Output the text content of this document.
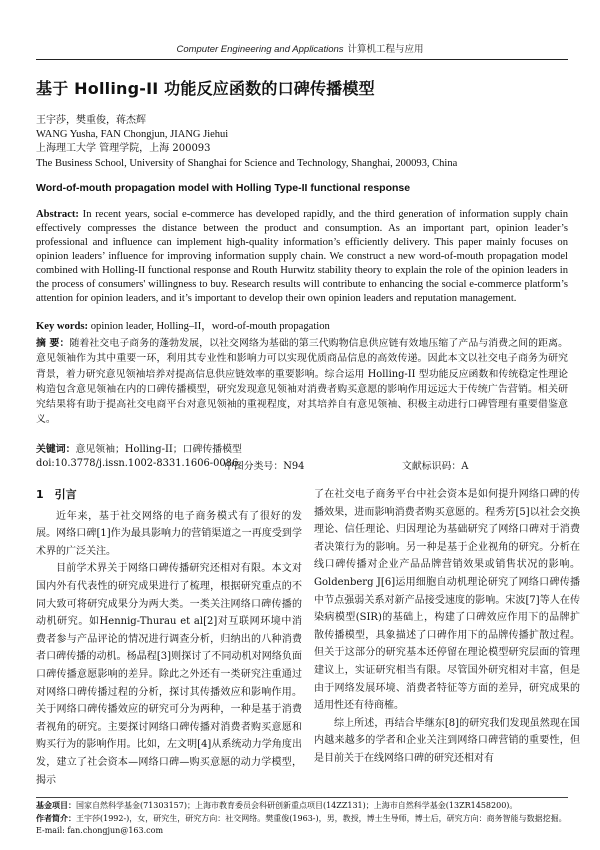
Computer Engineering and Applications 计算机工程与应用
基于 Holling-II 功能反应函数的口碑传播模型
王宇莎，樊重俊，蒋杰辉
WANG Yusha, FAN Chongjun, JIANG Jiehui
上海理工大学 管理学院，上海 200093
The Business School, University of Shanghai for Science and Technology, Shanghai, 200093, China
Word-of-mouth propagation model with Holling Type-II functional response
Abstract: In recent years, social e-commerce has developed rapidly, and the third generation of information supply chain effectively compresses the distance between the product and consumption. As an important part, opinion leader’s professional and influence can implement high-quality information’s efficiently delivery. This paper mainly focuses on opinion leaders’ influence for improving information supply chain. We construct a new word-of-mouth propagation model combined with Holling-II functional response and Routh Hurwitz stability theory to explain the role of the opinion leaders in the process of consumers' willingness to buy. Research results will contribute to enhancing the social e-commerce platform’s attention for opinion leaders, and it’s important to develop their own opinion leaders and reputation management.
Key words: opinion leader, Holling–II，word-of-mouth propagation
摘 要：随着社交电子商务的蓬勃发展，以社交网络为基础的第三代购物信息供应链有效地压缩了产品与消费之间的距离。意见领袖作为其中重要一环，利用其专业性和影响力可以实现优质商品信息的高效传递。因此本文以社交电子商务为研究背景，着力研究意见领袖培养对提高信息供应链效率的重要影响。综合运用 Holling-II 型功能反应函数和传统稳定性理论构造包含意见领袖在内的口碑传播模型，研究发现意见领袖对消费者购买意愿的影响作用远远大于传统广告营销。相关研究结果将有助于提高社交电商平台对意见领袖的重视程度，对其培养自有意见领袖、积极主动进行口碑管理有重要借鉴意义。
关键词：意见领袖；Holling-II；口碑传播模型
doi:10.3778/j.issn.1002-8331.1606-0086
中图分类号：N94	文献标识码：A
1　引言

近年来，基于社交网络的电子商务模式有了很好的发展。网络口碑[1]作为最具影响力的营销渠道之一再度受到学术界的广泛关注。

目前学术界关于网络口碑传播研究还相对有限。本文对国内外有代表性的研究成果进行了梳理，根据研究重点的不同大致可将研究成果分为两大类。一类关注网络口碑传播的动机研究。如Hennig-Thurau et al[2]对互联网环境中消费者参与产品评论的情况进行调查分析，归纳出的八种消费者口碑传播的动机。杨晶程[3]则探讨了不同动机对网络负面口碑传播意愿影响的差异。除此之外还有一类研究注重通过对网络口碑传播过程的分析，探讨其传播效应和影响作用。关于网络口碑传播效应的研究可分为两种，一种是基于消费者视角的研究。主要探讨网络口碑传播对消费者购买意愿和购买行为的影响作用。比如，左文明[4]从系统动力学角度出发，建立了社会资本—网络口碑—购买意愿的动力学模型，揭示

了在社交电子商务平台中社会资本是如何提升网络口碑的传播效果，进而影响消费者购买意愿的。程秀芳[5]以社会交换理论、信任理论、归因理论为基础研究了网络口碑对于消费者决策行为的影响。另一种是基于企业视角的研究。分析在线口碑传播对企业产品品牌营销效果或销售状况的影响。Goldenberg J[6]运用细胞自动机理论研究了网络口碑传播中节点强弱关系对新产品接受速度的影响。宋波[7]等人在传染病模型(SIR)的基础上，构建了口碑效应作用下的品牌扩散传播模型，具象描述了口碑作用下的品牌传播扩散过程。但关于这部分的研究基本还停留在理论模型研究层面的管理建议上，实证研究相当有限。尽管国外研究相对丰富，但是由于网络发展环境、消费者特征等方面的差异，研究成果的适用性还有待商榷。

综上所述，再结合毕继东[8]的研究我们发现虽然现在国内越来越多的学者和企业关注到网络口碑营销的重要性，但是目前关于在线网络口碑的研究还相对有

基金项目：国家自然科学基金(71303157)；上海市教育委员会科研创新重点项目(14ZZ131)；上海市自然科学基金(13ZR1458200)。
作者简介：王宇莎(1992-)，女，研究生，研究方向：社交网络。樊重俊(1963-)，男，教授，博士生导师，博士后，研究方向：商务智能与数据挖掘。E-mail: fan.chongjun@163.com
